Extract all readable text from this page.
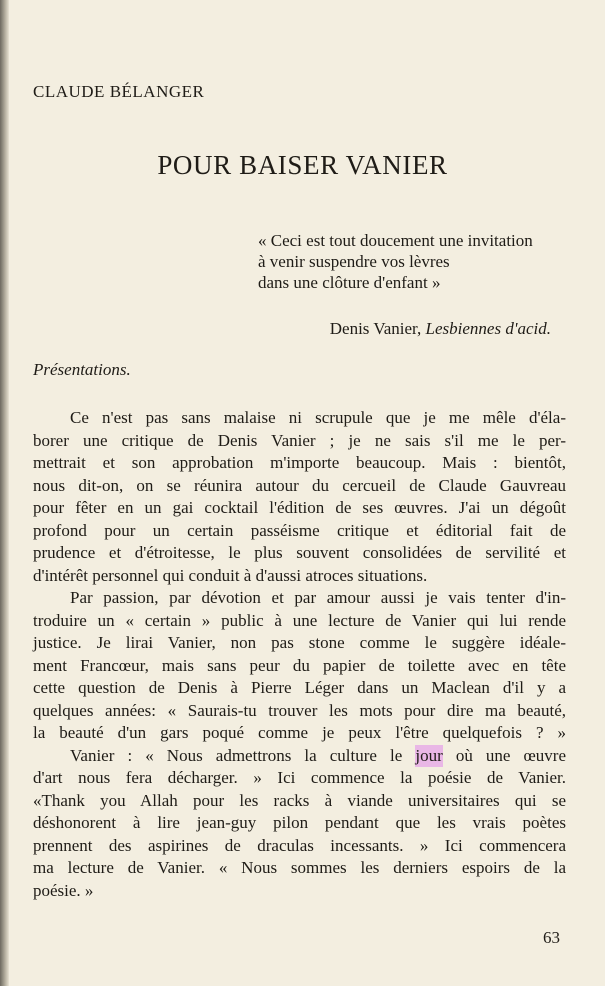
CLAUDE BÉLANGER
POUR BAISER VANIER
« Ceci est tout doucement une invitation
à venir suspendre vos lèvres
dans une clôture d'enfant »
Denis Vanier, Lesbiennes d'acid.
Présentations.
Ce n'est pas sans malaise ni scrupule que je me mêle d'éla-
borer une critique de Denis Vanier ; je ne sais s'il me le per-
mettrait et son approbation m'importe beaucoup. Mais : bientôt,
nous dit-on, on se réunira autour du cercueil de Claude Gauvreau
pour fêter en un gai cocktail l'édition de ses œuvres. J'ai un dégoût
profond pour un certain passéisme critique et éditorial fait de
prudence et d'étroitesse, le plus souvent consolidées de servilité et
d'intérêt personnel qui conduit à d'aussi atroces situations.
Par passion, par dévotion et par amour aussi je vais tenter d'in-
troduire un « certain » public à une lecture de Vanier qui lui rende
justice. Je lirai Vanier, non pas stone comme le suggère idéale-
ment Francœur, mais sans peur du papier de toilette avec en tête
cette question de Denis à Pierre Léger dans un Maclean d'il y a
quelques années: « Saurais-tu trouver les mots pour dire ma beauté,
la beauté d'un gars poqué comme je peux l'être quelquefois ? »
Vanier : « Nous admettrons la culture le jour où une œuvre
d'art nous fera décharger. » Ici commence la poésie de Vanier.
«Thank you Allah pour les racks à viande universitaires qui se
déshonorent à lire jean-guy pilon pendant que les vrais poètes
prennent des aspirines de draculas incessants. » Ici commencera
ma lecture de Vanier. « Nous sommes les derniers espoirs de la
poésie. »
63
